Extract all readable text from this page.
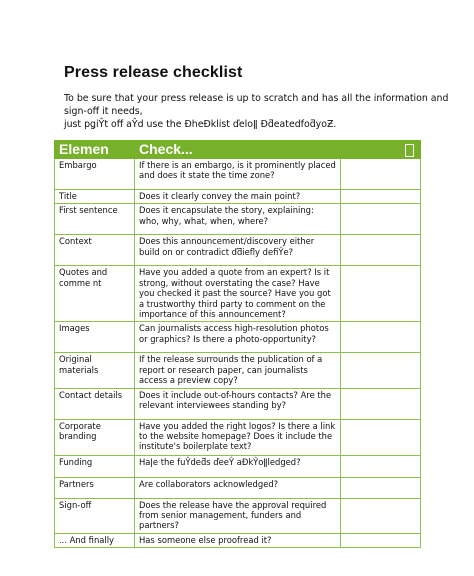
Press release checklist
To be sure that your press release is up to scratch and has all the information and
sign-off it needs,
just pǥiŶt off aŶd use the ĐheĐklist ďeloǁ ĐƌeatedfoƌyoƵ.
Elemen	Check...	

Embargo	If there is an embargo, is it prominently placed and does it state the time zone?	
Title	Does it clearly convey the main point?	
First sentence	Does it encapsulate the story, explaining: who, why, what, when, where?	
Context	Does this announcement/discovery either build on or contradict ďƌiefly defiŶe?	
Quotes and comme nt	Have you added a quote from an expert? Is it strong, without overstating the case? Have you checked it past the source? Have you got a trustworthy third party to comment on the importance of this announcement?	
Images	Can journalists access high-resolution photos or graphics? Is there a photo-opportunity?	
Original materials	If the release surrounds the publication of a report or research paper, can journalists access a preview copy?	
Contact details	Does it include out-of-hours contacts? Are the relevant interviewees standing by?	
Corporate branding	Have you added the right logos? Is there a link to the website homepage? Does it include the institute's boilerplate text?	
Funding	Haǀe the fuŶdeƌs ďeeŶ aĐkŶoǁledged?	
Partners	Are collaborators acknowledged?	
Sign-off	Does the release have the approval required from senior management, funders and partners?	
... And finally	Has someone else proofread it?	
